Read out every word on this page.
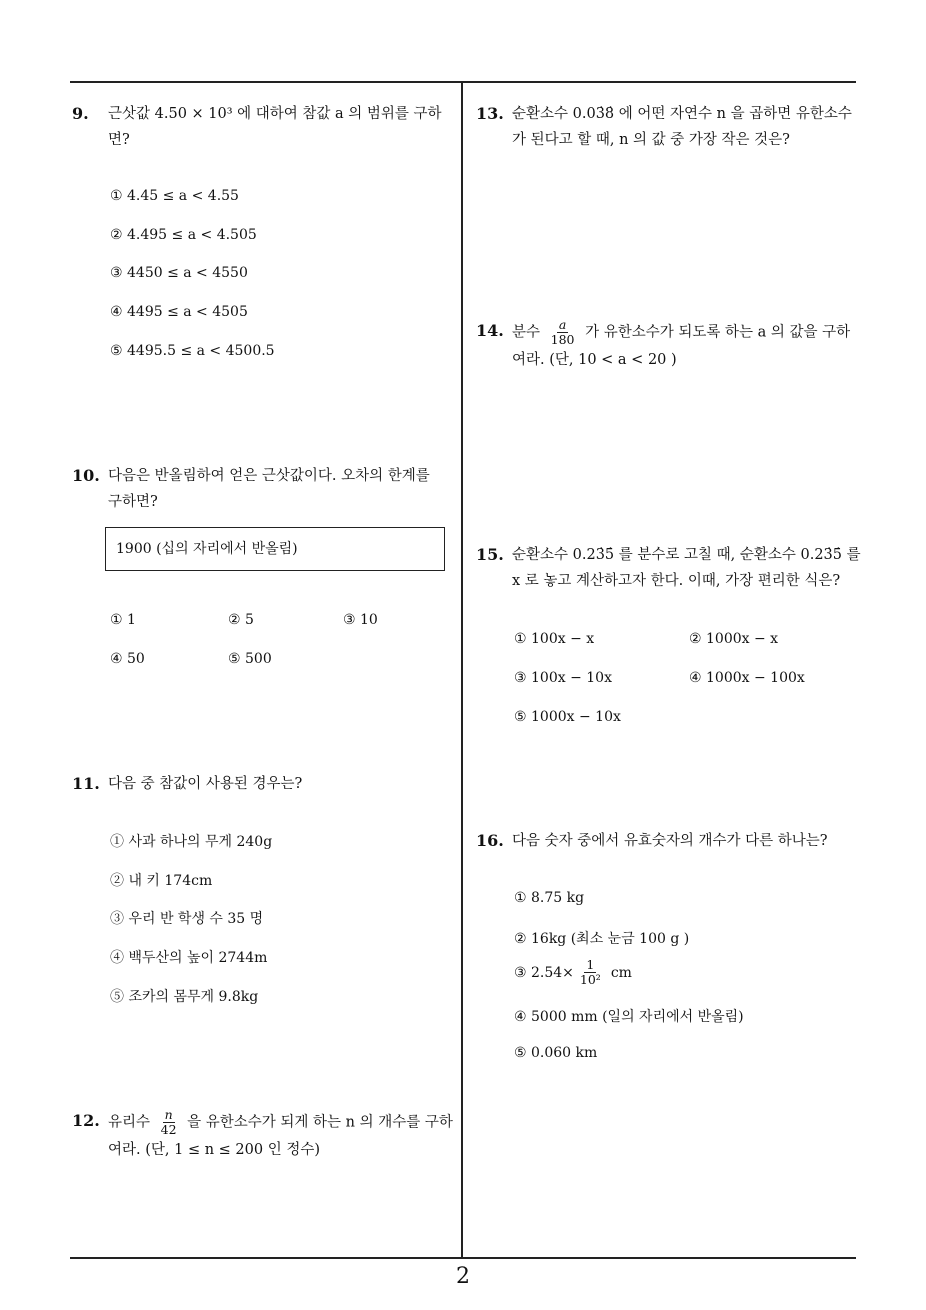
9. 근삿값 4.50 × 10³ 에 대하여 참값 a 의 범위를 구하
면?
① 4.45 ≤ a < 4.55
② 4.495 ≤ a < 4.505
③ 4450 ≤ a < 4550
④ 4495 ≤ a < 4505
⑤ 4495.5 ≤ a < 4500.5
10. 다음은 반올림하여 얻은 근삿값이다. 오차의 한계를
구하면?
1900 (십의 자리에서 반올림)
① 1	② 5	③ 10
④ 50	⑤ 500
11. 다음 중 참값이 사용된 경우는?
① 사과 하나의 무게 240g
② 내 키 174cm
③ 우리 반 학생 수 35 명
④ 백두산의 높이 2744m
⑤ 조카의 몸무게 9.8kg
12. 유리수 $\frac{n}{42}$ 을 유한소수가 되게 하는 n 의 개수를 구하
여라. (단, 1 ≤ n ≤ 200 인 정수)
13. 순환소수 0.03̇8̇ 에 어떤 자연수 n 을 곱하면 유한소수
가 된다고 할 때, n 의 값 중 가장 작은 것은?
14. 분수 $\frac{a}{180}$ 가 유한소수가 되도록 하는 a 의 값을 구하
여라. (단, 10 < a < 20 )
15. 순환소수 0.23̇5̇ 를 분수로 고칠 때, 순환소수 0.23̇5̇ 를
x 로 놓고 계산하고자 한다. 이때, 가장 편리한 식은?
① 100x − x	② 1000x − x
③ 100x − 10x	④ 1000x − 100x
⑤ 1000x − 10x
16. 다음 숫자 중에서 유효숫자의 개수가 다른 하나는?
① 8.75 kg
② 16kg (최소 눈금 100 g )
③ $2.54\times \frac{1}{\text{10²}}$ cm
④ 5000 mm (일의 자리에서 반올림)
⑤ 0.060 km
2
